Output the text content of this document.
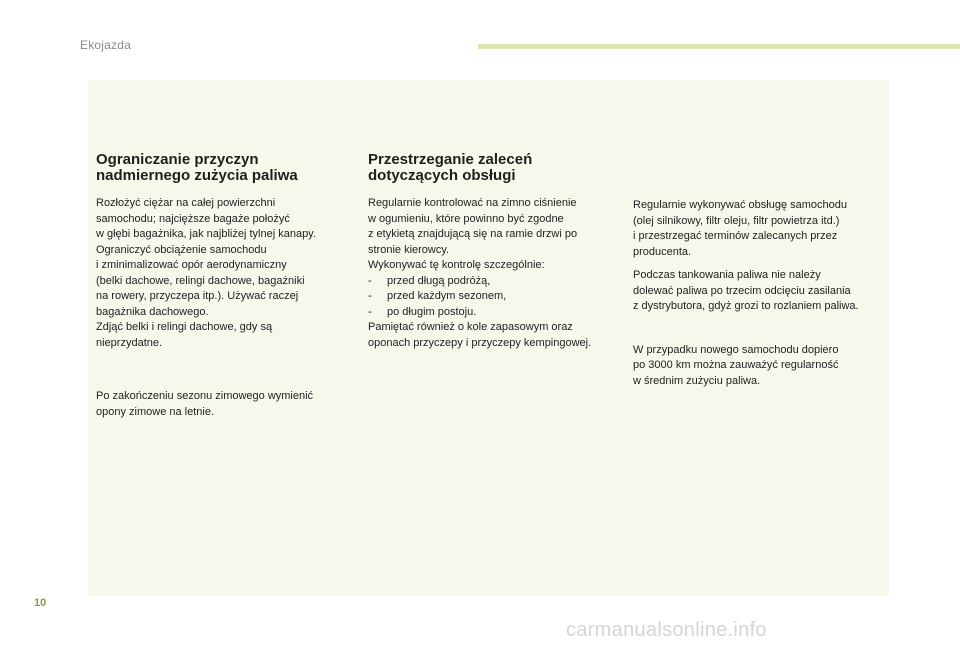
Ekojazda
Ograniczanie przyczyn
nadmiernego zużycia paliwa

Rozłożyć ciężar na całej powierzchni
samochodu; najcięższe bagaże położyć
w głębi bagażnika, jak najbliżej tylnej kanapy.
Ograniczyć obciążenie samochodu
i zminimalizować opór aerodynamiczny
(belki dachowe, relingi dachowe, bagażniki
na rowery, przyczepa itp.). Używać raczej
bagażnika dachowego.
Zdjąć belki i relingi dachowe, gdy są
nieprzydatne.

Po zakończeniu sezonu zimowego wymienić
opony zimowe na letnie.

Przestrzeganie zaleceń
dotyczących obsługi

Regularnie kontrolować na zimno ciśnienie
w ogumieniu, które powinno być zgodne
z etykietą znajdującą się na ramie drzwi po
stronie kierowcy.
Wykonywać tę kontrolę szczególnie:

-	przed długą podróżą,

-	przed każdym sezonem,

-	po długim postoju.

Pamiętać również o kole zapasowym oraz
oponach przyczepy i przyczepy kempingowej.

Regularnie wykonywać obsługę samochodu
(olej silnikowy, filtr oleju, filtr powietrza itd.)
i przestrzegać terminów zalecanych przez
producenta.

Podczas tankowania paliwa nie należy
dolewać paliwa po trzecim odcięciu zasilania
z dystrybutora, gdyż grozi to rozlaniem paliwa.

W przypadku nowego samochodu dopiero
po 3000 km można zauważyć regularność
w średnim zużyciu paliwa.

10
carmanualsonline.info
